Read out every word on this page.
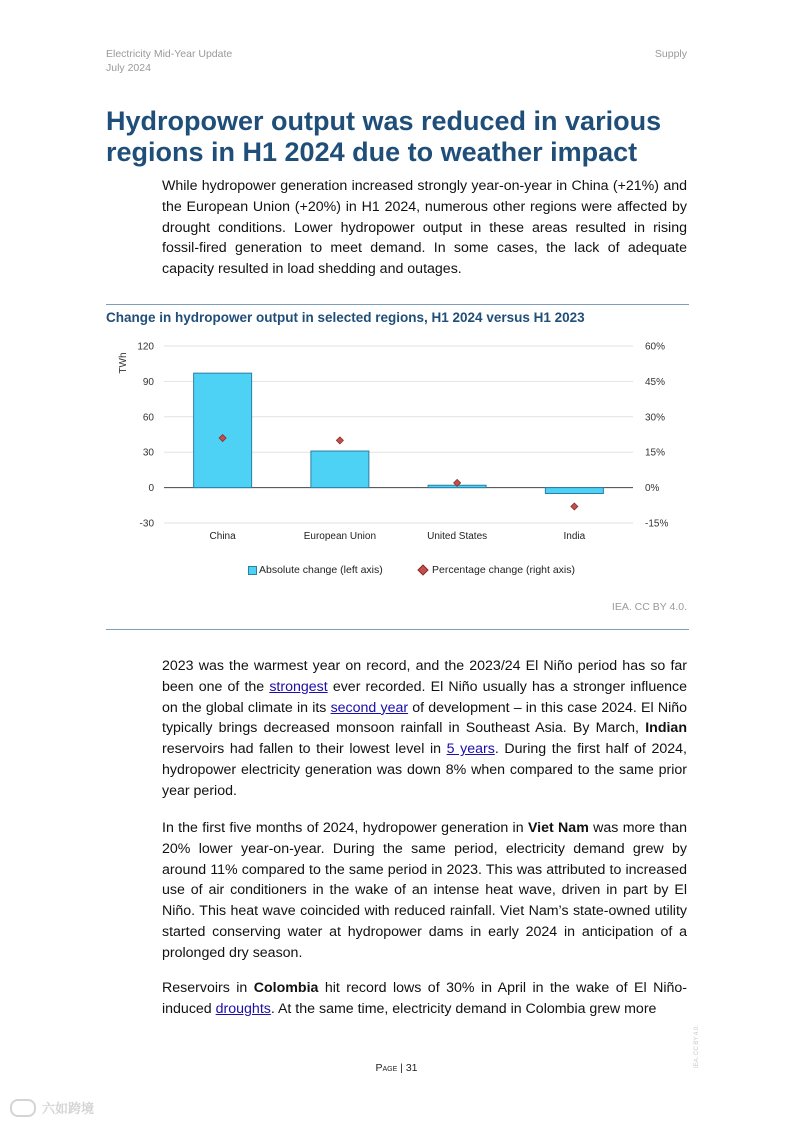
Electricity Mid-Year Update
July 2024
Supply
Hydropower output was reduced in various regions in H1 2024 due to weather impact

While hydropower generation increased strongly year-on-year in China (+21%) and the European Union (+20%) in H1 2024, numerous other regions were affected by drought conditions. Lower hydropower output in these areas resulted in rising fossil-fired generation to meet demand. In some cases, the lack of adequate capacity resulted in load shedding and outages.

Change in hydropower output in selected regions, H1 2024 versus H1 2023
120	60%
90	45%
60	30%
30	15%
0	0%
-30	-15%
TWh
China	European Union	United States	India
Absolute change (left axis)	Percentage change (right axis)
IEA. CC BY 4.0.

2023 was the warmest year on record, and the 2023/24 El Niño period has so far been one of the strongest ever recorded. El Niño usually has a stronger influence on the global climate in its second year of development – in this case 2024. El Niño typically brings decreased monsoon rainfall in Southeast Asia. By March, Indian reservoirs had fallen to their lowest level in 5 years. During the first half of 2024, hydropower electricity generation was down 8% when compared to the same prior year period.

In the first five months of 2024, hydropower generation in Viet Nam was more than 20% lower year-on-year. During the same period, electricity demand grew by around 11% compared to the same period in 2023. This was attributed to increased use of air conditioners in the wake of an intense heat wave, driven in part by El Niño. This heat wave coincided with reduced rainfall. Viet Nam’s state-owned utility started conserving water at hydropower dams in early 2024 in anticipation of a prolonged dry season.

Reservoirs in Colombia hit record lows of 30% in April in the wake of El Niño-induced droughts. At the same time, electricity demand in Colombia grew more

Page | 31	IEA. CC BY 4.0.
六如跨境
